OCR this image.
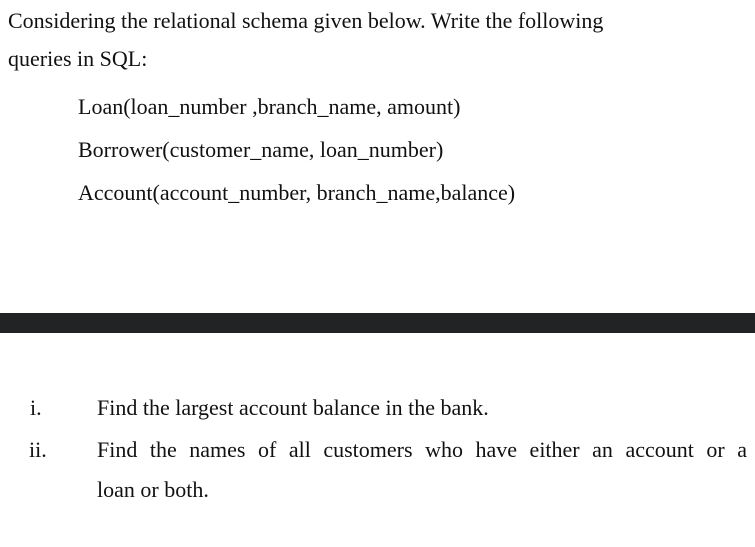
Considering the relational schema given below. Write the following
queries in SQL:
Loan(loan_number ,branch_name, amount)
Borrower(customer_name, loan_number)
Account(account_number, branch_name,balance)
i.	Find the largest account balance in the bank.
ii.	Find the names of all customers who have either an account or a
loan or both.
